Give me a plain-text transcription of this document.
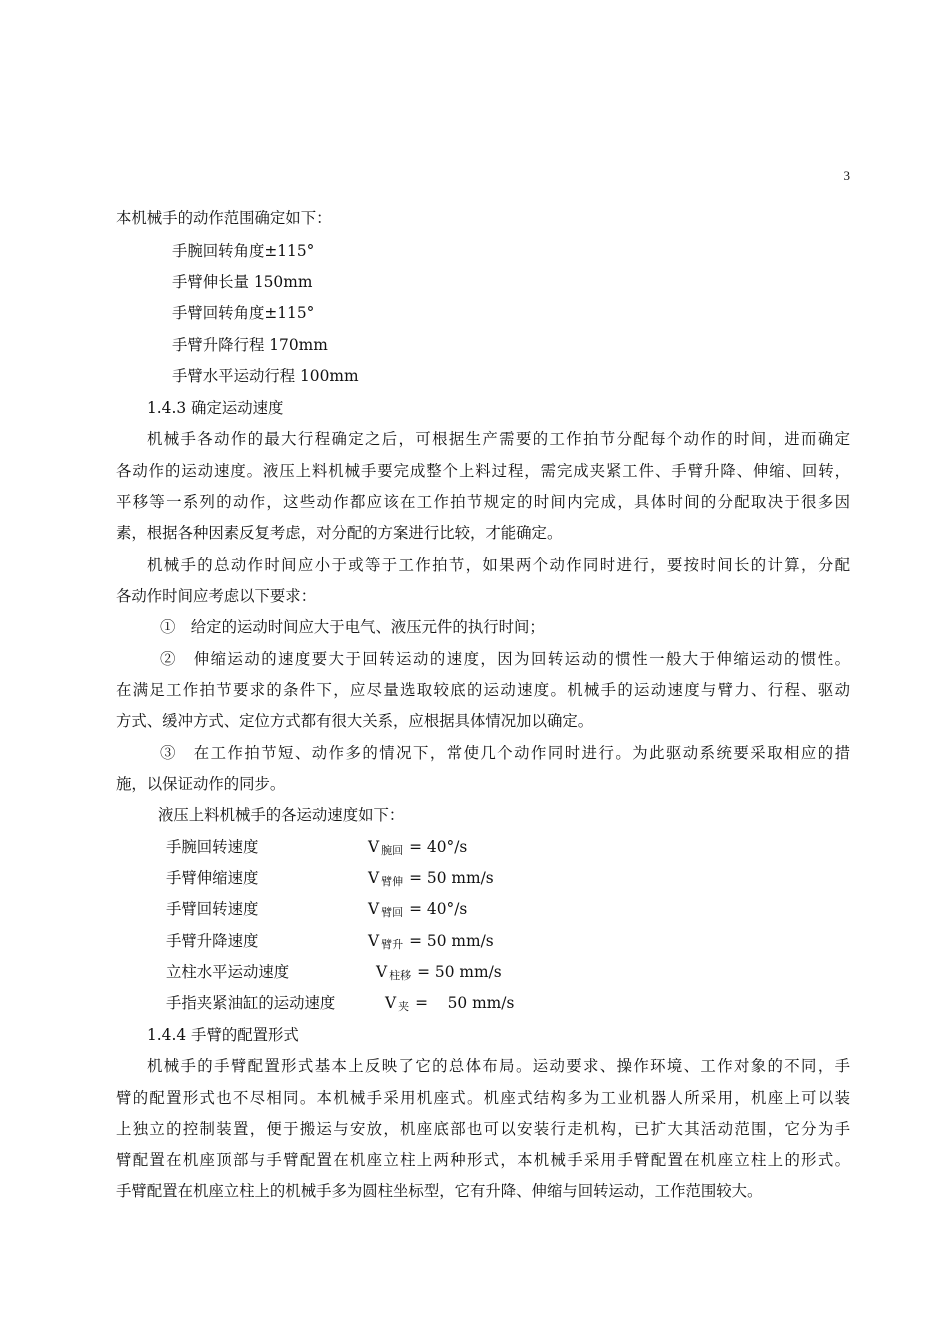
3
本机械手的动作范围确定如下：
手腕回转角度±115°
手臂伸长量 150mm
手臂回转角度±115°
手臂升降行程 170mm
手臂水平运动行程 100mm
1.4.3 确定运动速度
机械手各动作的最大行程确定之后，可根据生产需要的工作拍节分配每个动作的时间，进而确定
各动作的运动速度。液压上料机械手要完成整个上料过程，需完成夹紧工件、手臂升降、伸缩、回转，
平移等一系列的动作，这些动作都应该在工作拍节规定的时间内完成，具体时间的分配取决于很多因
素，根据各种因素反复考虑，对分配的方案进行比较，才能确定。
机械手的总动作时间应小于或等于工作拍节，如果两个动作同时进行，要按时间长的计算，分配
各动作时间应考虑以下要求：
①　给定的运动时间应大于电气、液压元件的执行时间；
②　伸缩运动的速度要大于回转运动的速度，因为回转运动的惯性一般大于伸缩运动的惯性。
在满足工作拍节要求的条件下，应尽量选取较底的运动速度。机械手的运动速度与臂力、行程、驱动
方式、缓冲方式、定位方式都有很大关系，应根据具体情况加以确定。
③　在工作拍节短、动作多的情况下，常使几个动作同时进行。为此驱动系统要采取相应的措
施，以保证动作的同步。
液压上料机械手的各运动速度如下：
手腕回转速度	V $_{腕回}$ = 40°/s
手臂伸缩速度	V $_{臂伸}$ = 50 mm/s
手臂回转速度	V $_{臂回}$ = 40°/s
手臂升降速度	V $_{臂升}$ = 50 mm/s
立柱水平运动速度	V $_{柱移}$ = 50 mm/s
手指夹紧油缸的运动速度	V $_夹$ =    50 mm/s
1.4.4 手臂的配置形式
机械手的手臂配置形式基本上反映了它的总体布局。运动要求、操作环境、工作对象的不同，手
臂的配置形式也不尽相同。本机械手采用机座式。机座式结构多为工业机器人所采用，机座上可以装
上独立的控制装置，便于搬运与安放，机座底部也可以安装行走机构，已扩大其活动范围，它分为手
臂配置在机座顶部与手臂配置在机座立柱上两种形式，本机械手采用手臂配置在机座立柱上的形式。
手臂配置在机座立柱上的机械手多为圆柱坐标型，它有升降、伸缩与回转运动，工作范围较大。
